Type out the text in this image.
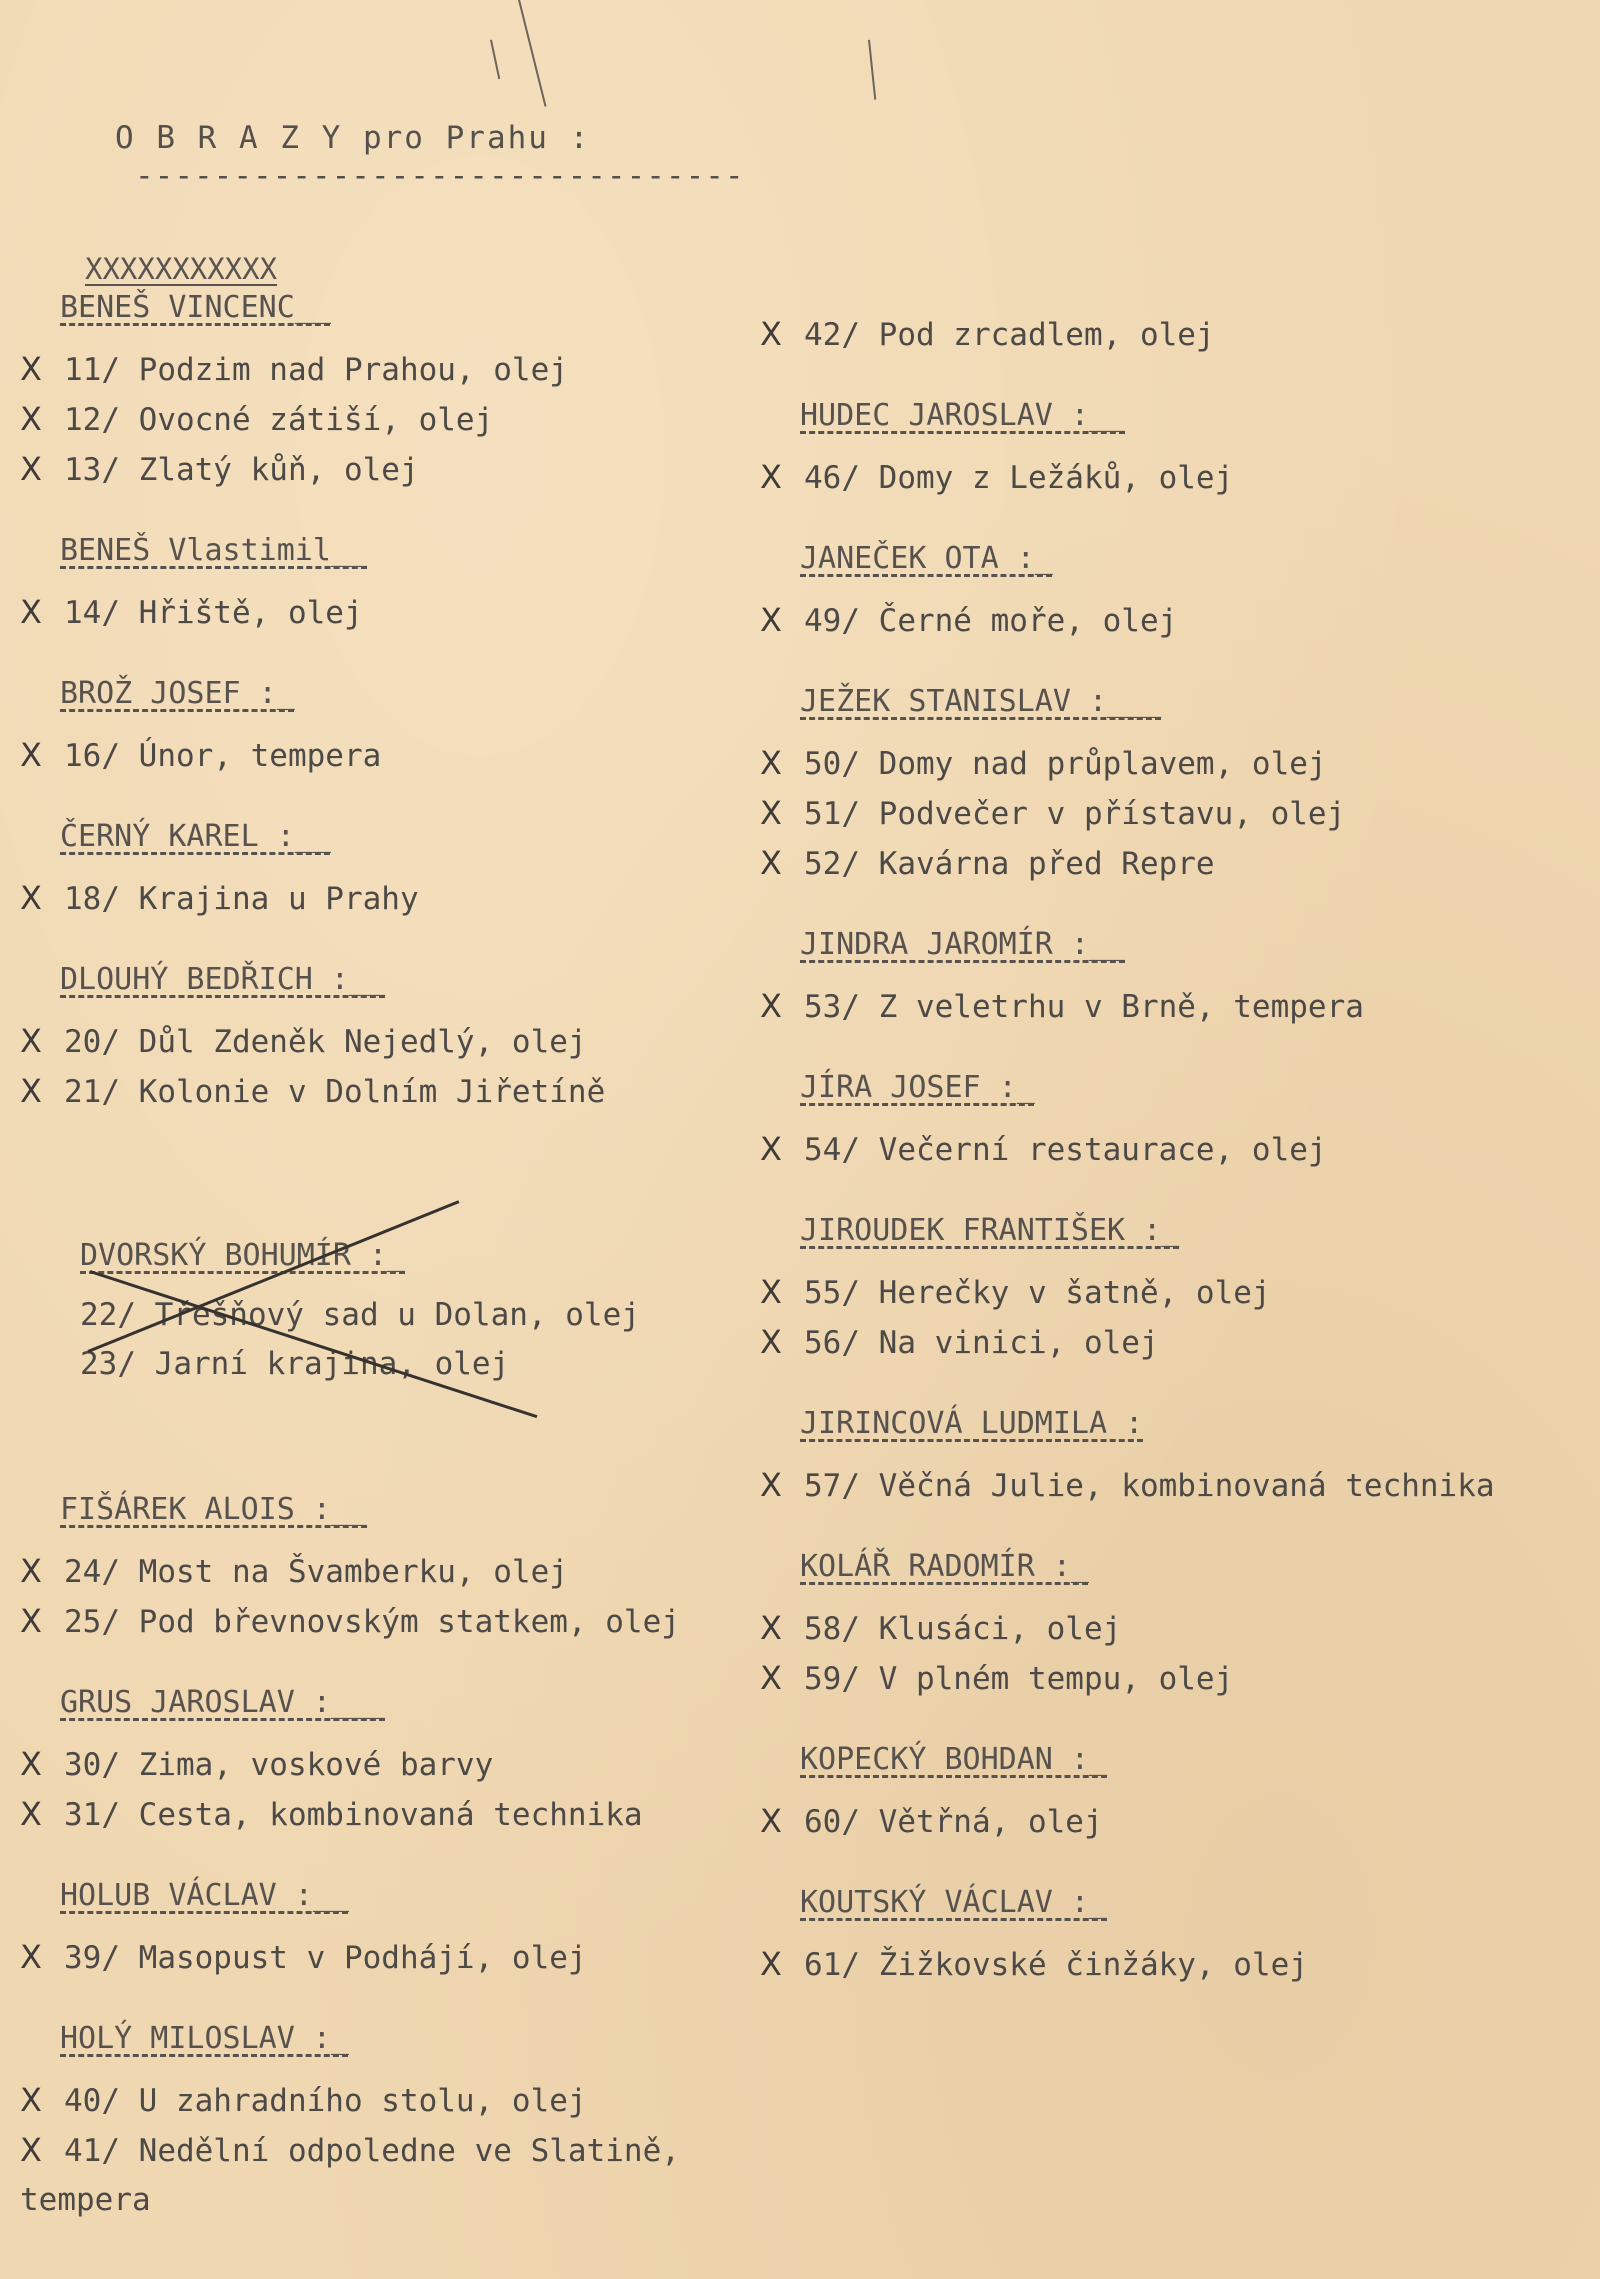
O B R A Z Y pro Prahu :
-------------------------------
XXXXXXXXXXX
BENEŠ VINCENC__
X 11/ Podzim nad Prahou, olej
X 12/ Ovocné zátiší, olej
X 13/ Zlatý kůň, olej
BENEŠ Vlastimil__
X 14/ Hřiště, olej
BROŽ JOSEF :_
X 16/ Únor, tempera
ČERNÝ KAREL :__
X 18/ Krajina u Prahy
DLOUHÝ BEDŘICH :__
X 20/ Důl Zdeněk Nejedlý, olej
X 21/ Kolonie v Dolním Jiřetíně
DVORSKÝ BOHUMÍR :_
22/ Třešňový sad u Dolan, olej
23/ Jarní krajina, olej
FIŠÁREK ALOIS :__
X 24/ Most na Švamberku, olej
X 25/ Pod břevnovským statkem, olej
GRUS JAROSLAV :___
X 30/ Zima, voskové barvy
X 31/ Cesta, kombinovaná technika
HOLUB VÁCLAV :__
X 39/ Masopust v Podhájí, olej
HOLÝ MILOSLAV :_
X 40/ U zahradního stolu, olej
X 41/ Nedělní odpoledne ve Slatině, tempera
X 42/ Pod zrcadlem, olej
HUDEC JAROSLAV :__
X 46/ Domy z Ležáků, olej
JANEČEK OTA :_
X 49/ Černé moře, olej
JEŽEK STANISLAV :___
X 50/ Domy nad průplavem, olej
X 51/ Podvečer v přístavu, olej
X 52/ Kavárna před Repre
JINDRA JAROMÍR :__
X 53/ Z veletrhu v Brně, tempera
JÍRA JOSEF :_
X 54/ Večerní restaurace, olej
JIROUDEK FRANTIŠEK :_
X 55/ Herečky v šatně, olej
X 56/ Na vinici, olej
JIRINCOVÁ LUDMILA :
X 57/ Věčná Julie, kombinovaná technika
KOLÁŘ RADOMÍR :_
X 58/ Klusáci, olej
X 59/ V plném tempu, olej
KOPECKÝ BOHDAN :_
X 60/ Větřná, olej
KOUTSKÝ VÁCLAV :_
X 61/ Žižkovské činžáky, olej
